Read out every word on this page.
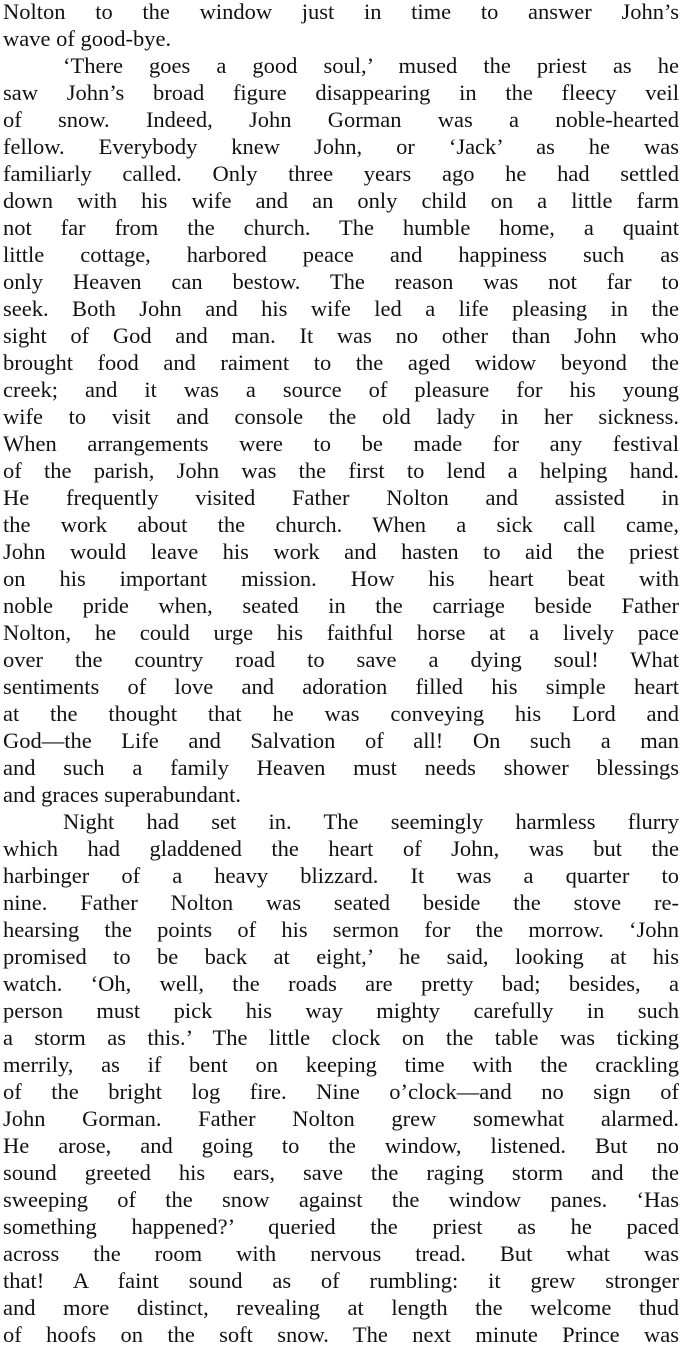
Nolton to the window just in time to answer John’s
wave of good-bye.
‘There goes a good soul,’ mused the priest as he
saw John’s broad figure disappearing in the fleecy veil
of snow. Indeed, John Gorman was a noble-hearted
fellow. Everybody knew John, or ‘Jack’ as he was
familiarly called. Only three years ago he had settled
down with his wife and an only child on a little farm
not far from the church. The humble home, a quaint
little cottage, harbored peace and happiness such as
only Heaven can bestow. The reason was not far to
seek. Both John and his wife led a life pleasing in the
sight of God and man. It was no other than John who
brought food and raiment to the aged widow beyond the
creek; and it was a source of pleasure for his young
wife to visit and console the old lady in her sickness.
When arrangements were to be made for any festival
of the parish, John was the first to lend a helping hand.
He frequently visited Father Nolton and assisted in
the work about the church. When a sick call came,
John would leave his work and hasten to aid the priest
on his important mission. How his heart beat with
noble pride when, seated in the carriage beside Father
Nolton, he could urge his faithful horse at a lively pace
over the country road to save a dying soul! What
sentiments of love and adoration filled his simple heart
at the thought that he was conveying his Lord and
God—the Life and Salvation of all! On such a man
and such a family Heaven must needs shower blessings
and graces superabundant.
Night had set in. The seemingly harmless flurry
which had gladdened the heart of John, was but the
harbinger of a heavy blizzard. It was a quarter to
nine. Father Nolton was seated beside the stove re-
hearsing the points of his sermon for the morrow. ‘John
promised to be back at eight,’ he said, looking at his
watch. ‘Oh, well, the roads are pretty bad; besides, a
person must pick his way mighty carefully in such
a storm as this.’ The little clock on the table was ticking
merrily, as if bent on keeping time with the crackling
of the bright log fire. Nine o’clock—and no sign of
John Gorman. Father Nolton grew somewhat alarmed.
He arose, and going to the window, listened. But no
sound greeted his ears, save the raging storm and the
sweeping of the snow against the window panes. ‘Has
something happened?’ queried the priest as he paced
across the room with nervous tread. But what was
that! A faint sound as of rumbling: it grew stronger
and more distinct, revealing at length the welcome thud
of hoofs on the soft snow. The next minute Prince was
